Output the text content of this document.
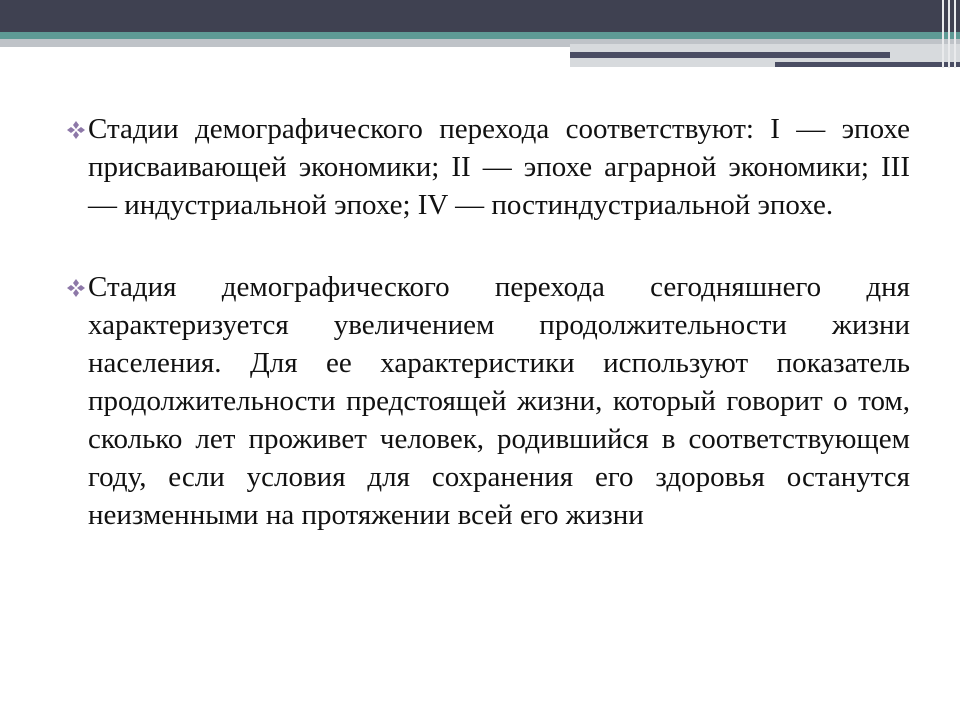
Стадии демографического перехода соответствуют: I — эпохе присваивающей экономики; II — эпохе аграрной экономики; III — индустриальной эпохе; IV — постиндустриальной эпохе.
Стадия демографического перехода сегодняшнего дня характеризуется увеличением продолжительности жизни населения. Для ее характеристики используют показатель продолжительности предстоящей жизни, который говорит о том, сколько лет проживет человек, родившийся в соответствующем году, если условия для сохранения его здоровья останутся неизменными на протяжении всей его жизни
